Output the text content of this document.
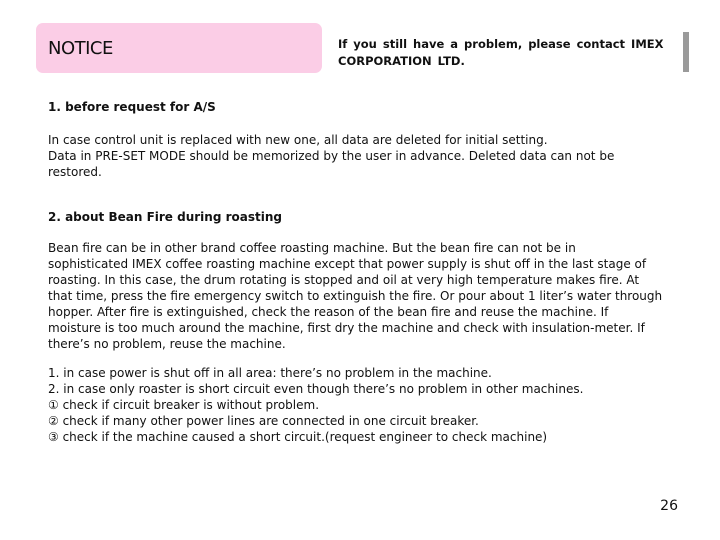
NOTICE	If you still have a problem, please contact IMEX
CORPORATION LTD.
1. before request for A/S
In case control unit is replaced with new one, all data are deleted for initial setting.
Data in PRE-SET MODE should be memorized by the user in advance. Deleted data can not be
restored.
2. about Bean Fire during roasting
Bean fire can be in other brand coffee roasting machine. But the bean fire can not be in
sophisticated IMEX coffee roasting machine except that power supply is shut off in the last stage of
roasting. In this case, the drum rotating is stopped and oil at very high temperature makes fire. At
that time, press the fire emergency switch to extinguish the fire. Or pour about 1 liter’s water through
hopper. After fire is extinguished, check the reason of the bean fire and reuse the machine. If
moisture is too much around the machine, first dry the machine and check with insulation-meter. If
there’s no problem, reuse the machine.
1. in case power is shut off in all area: there’s no problem in the machine.
2. in case only roaster is short circuit even though there’s no problem in other machines.
① check if circuit breaker is without problem.
② check if many other power lines are connected in one circuit breaker.
③ check if the machine caused a short circuit.(request engineer to check machine)
26
